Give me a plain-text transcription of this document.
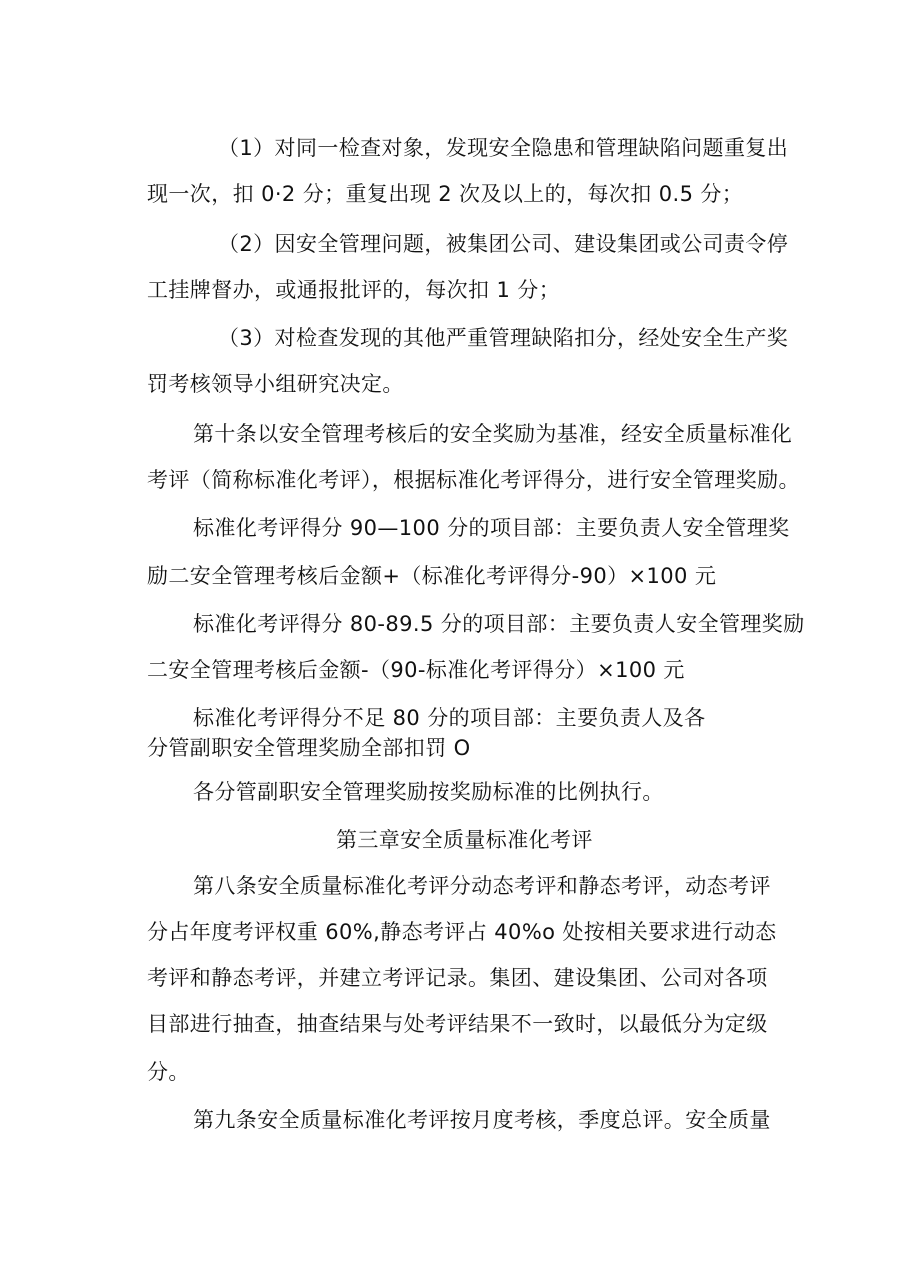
（1）对同一检查对象，发现安全隐患和管理缺陷问题重复出
现一次，扣 0·2 分；重复出现 2 次及以上的，每次扣 0.5 分；
（2）因安全管理问题，被集团公司、建设集团或公司责令停
工挂牌督办，或通报批评的，每次扣 1 分；
（3）对检查发现的其他严重管理缺陷扣分，经处安全生产奖
罚考核领导小组研究决定。
第十条以安全管理考核后的安全奖励为基准，经安全质量标准化
考评（简称标准化考评），根据标准化考评得分，进行安全管理奖励。
标准化考评得分 90—100 分的项目部：主要负责人安全管理奖
励二安全管理考核后金额+（标准化考评得分-90）×100 元
标准化考评得分 80-89.5 分的项目部：主要负责人安全管理奖励
二安全管理考核后金额-（90-标准化考评得分）×100 元
标准化考评得分不足 80 分的项目部：主要负责人及各
分管副职安全管理奖励全部扣罚 O
各分管副职安全管理奖励按奖励标准的比例执行。
第三章安全质量标准化考评
第八条安全质量标准化考评分动态考评和静态考评，动态考评
分占年度考评权重 60%,静态考评占 40%o 处按相关要求进行动态
考评和静态考评，并建立考评记录。集团、建设集团、公司对各项
目部进行抽查，抽查结果与处考评结果不一致时，以最低分为定级
分。
第九条安全质量标准化考评按月度考核，季度总评。安全质量
